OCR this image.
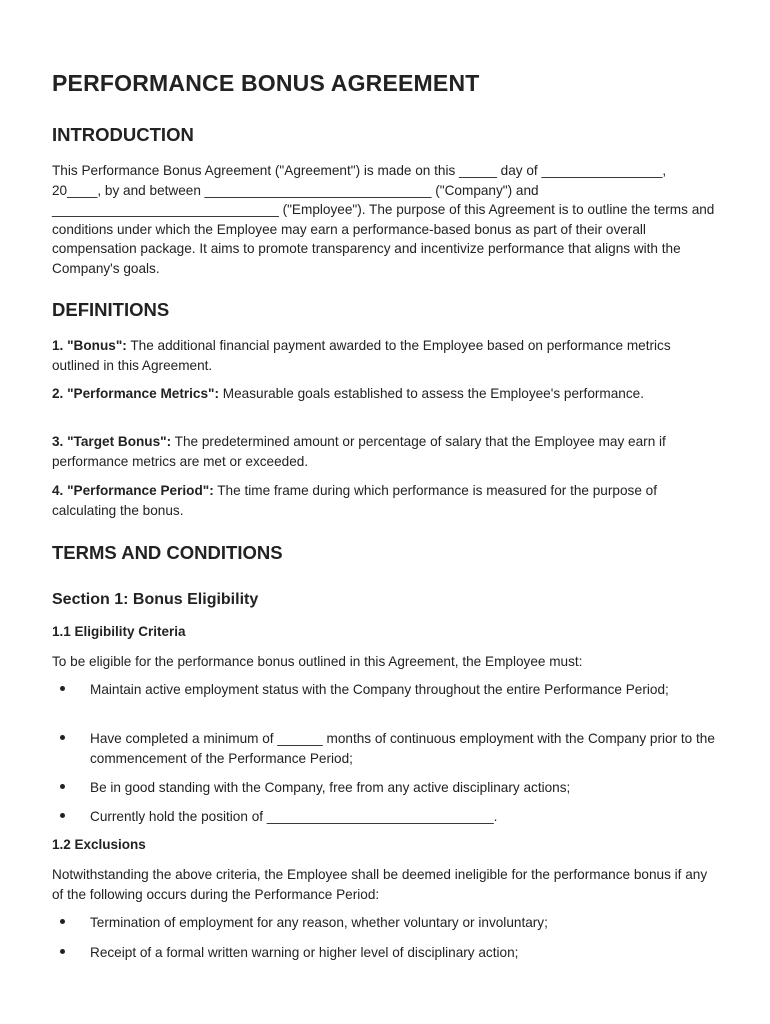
PERFORMANCE BONUS AGREEMENT
INTRODUCTION

This Performance Bonus Agreement ("Agreement") is made on this _____ day of ________________, 20____, by and between ______________________________ ("Company") and ______________________________ ("Employee"). The purpose of this Agreement is to outline the terms and conditions under which the Employee may earn a performance-based bonus as part of their overall compensation package. It aims to promote transparency and incentivize performance that aligns with the Company's goals.

DEFINITIONS

1. "Bonus": The additional financial payment awarded to the Employee based on performance metrics outlined in this Agreement.

2. "Performance Metrics": Measurable goals established to assess the Employee's performance.

3. "Target Bonus": The predetermined amount or percentage of salary that the Employee may earn if performance metrics are met or exceeded.

4. "Performance Period": The time frame during which performance is measured for the purpose of calculating the bonus.

TERMS AND CONDITIONS
Section 1: Bonus Eligibility
1.1 Eligibility Criteria

To be eligible for the performance bonus outlined in this Agreement, the Employee must:

Maintain active employment status with the Company throughout the entire Performance Period;
Have completed a minimum of ______ months of continuous employment with the Company prior to the commencement of the Performance Period;
Be in good standing with the Company, free from any active disciplinary actions;
Currently hold the position of ______________________________.
1.2 Exclusions

Notwithstanding the above criteria, the Employee shall be deemed ineligible for the performance bonus if any of the following occurs during the Performance Period:

Termination of employment for any reason, whether voluntary or involuntary;
Receipt of a formal written warning or higher level of disciplinary action;
